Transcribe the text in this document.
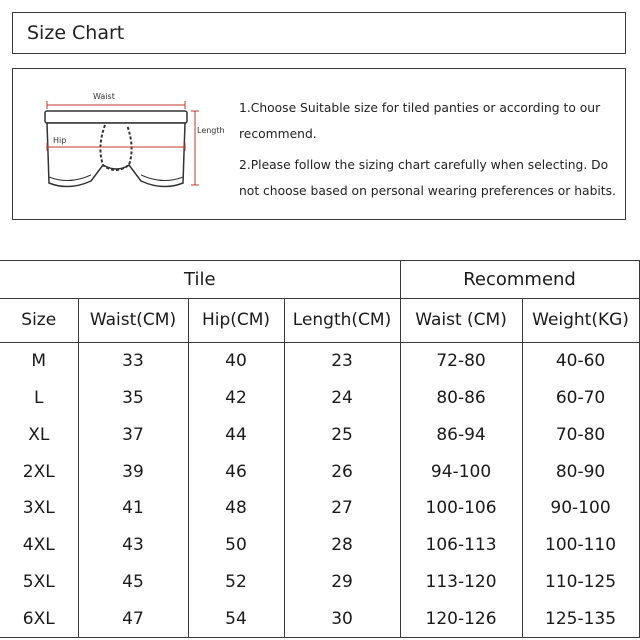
Size Chart
Waist
Hip
Length

1.Choose Suitable size for tiled panties or according to our recommend.

2.Please follow the sizing chart carefully when selecting. Do not choose based on personal wearing preferences or habits.

Tile				Recommend	
Size	Waist(CM)	Hip(CM)	Length(CM)	Waist (CM)	Weight(KG)
M	33	40	23	72-80	40-60
L	35	42	24	80-86	60-70
XL	37	44	25	86-94	70-80
2XL	39	46	26	94-100	80-90
3XL	41	48	27	100-106	90-100
4XL	43	50	28	106-113	100-110
5XL	45	52	29	113-120	110-125
6XL	47	54	30	120-126	125-135
